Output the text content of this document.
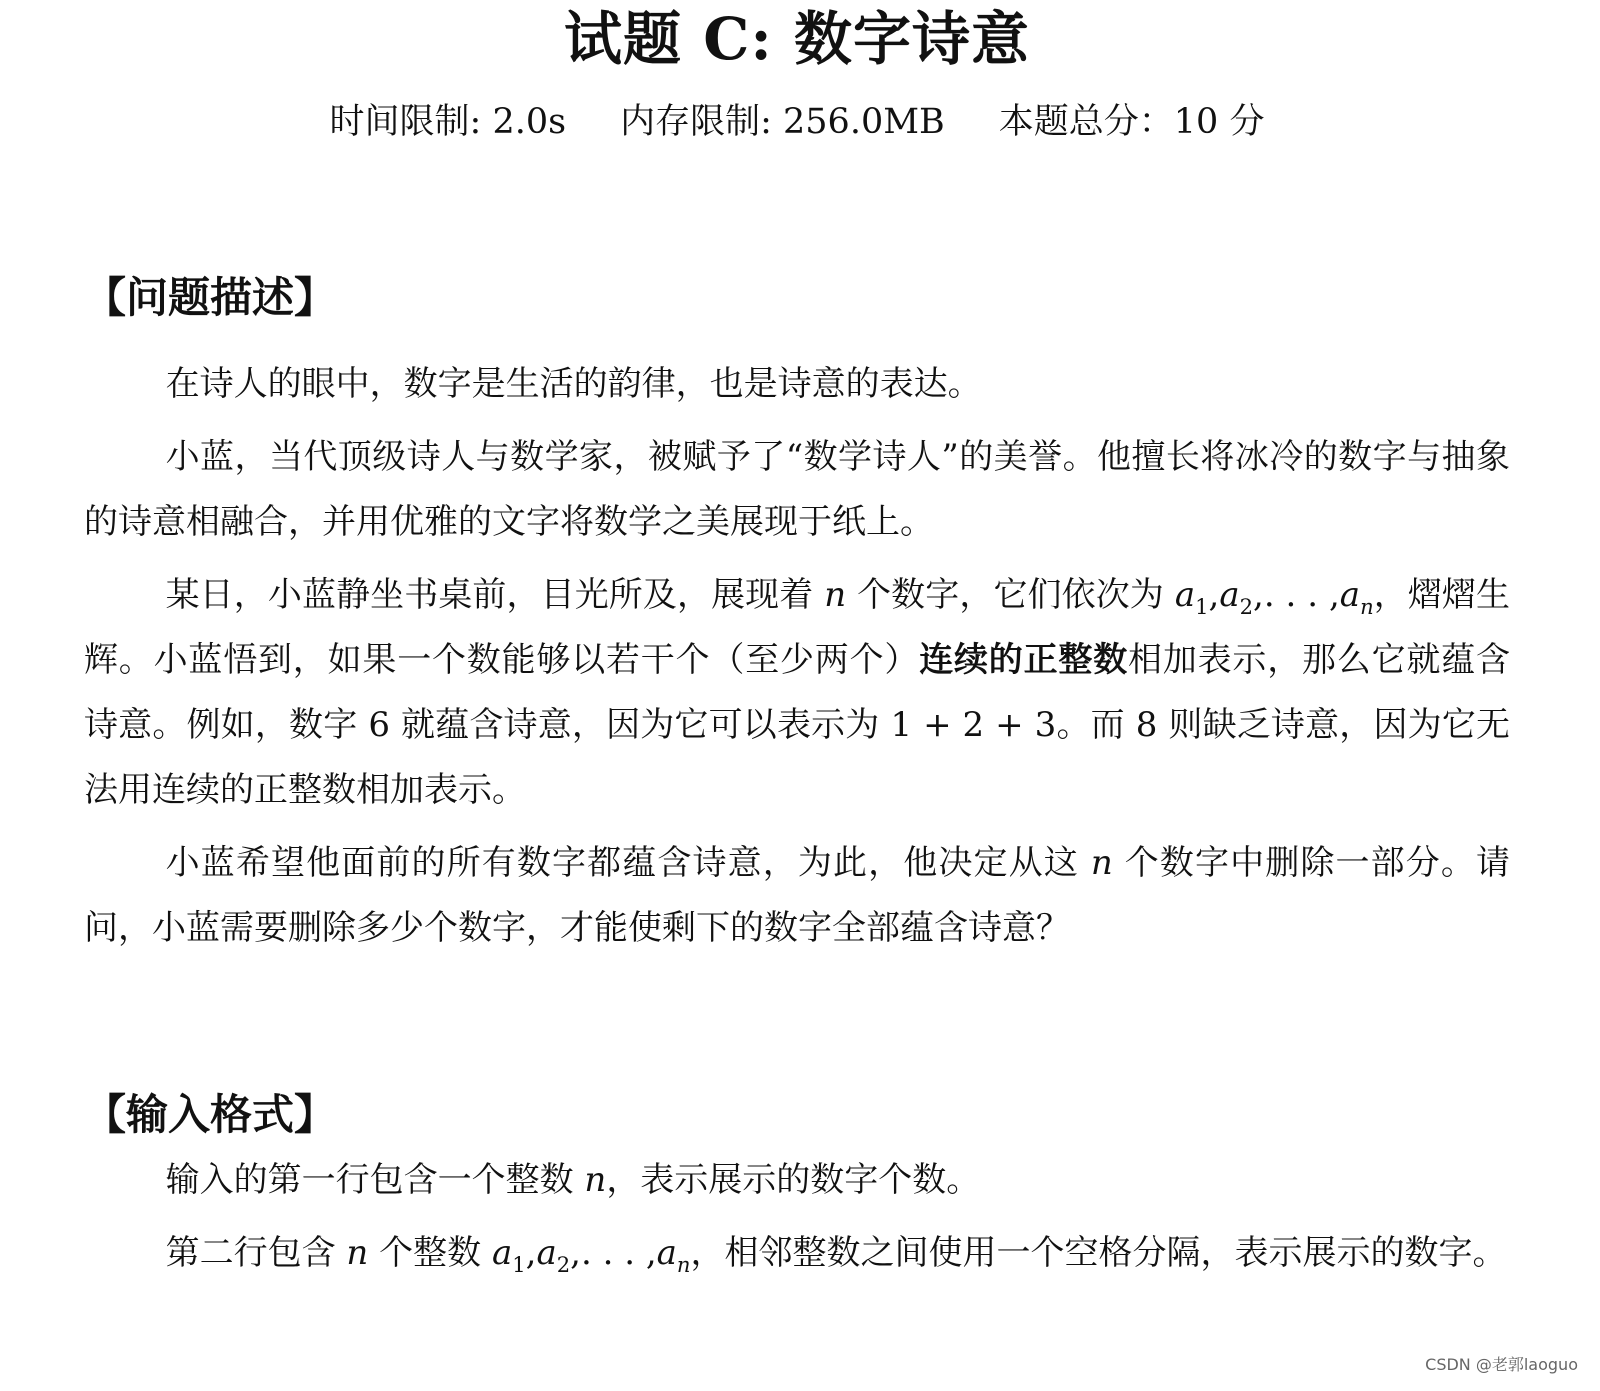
试题 C: 数字诗意
时间限制: 2.0s 内存限制: 256.0MB 本题总分：10 分
【问题描述】

在诗人的眼中，数字是生活的韵律，也是诗意的表达。

小蓝，当代顶级诗人与数学家，被赋予了“数学诗人”的美誉。他擅长将冰冷的数字与抽象的诗意相融合，并用优雅的文字将数学之美展现于纸上。

某日，小蓝静坐书桌前，目光所及，展现着 n 个数字，它们依次为 $a_1,a_2$,. . . $,a_n$，熠熠生辉。小蓝悟到，如果一个数能够以若干个（至少两个）连续的正整数相加表示，那么它就蕴含诗意。例如，数字 6 就蕴含诗意，因为它可以表示为 1 + 2 + 3。而 8 则缺乏诗意，因为它无法用连续的正整数相加表示。

小蓝希望他面前的所有数字都蕴含诗意，为此，他决定从这 n 个数字中删除一部分。请问，小蓝需要删除多少个数字，才能使剩下的数字全部蕴含诗意？

【输入格式】

输入的第一行包含一个整数 n，表示展示的数字个数。

第二行包含 n 个整数 $a_1,a_2$,. . . $,a_n$，相邻整数之间使用一个空格分隔，表示展示的数字。

CSDN @老郭laoguo
